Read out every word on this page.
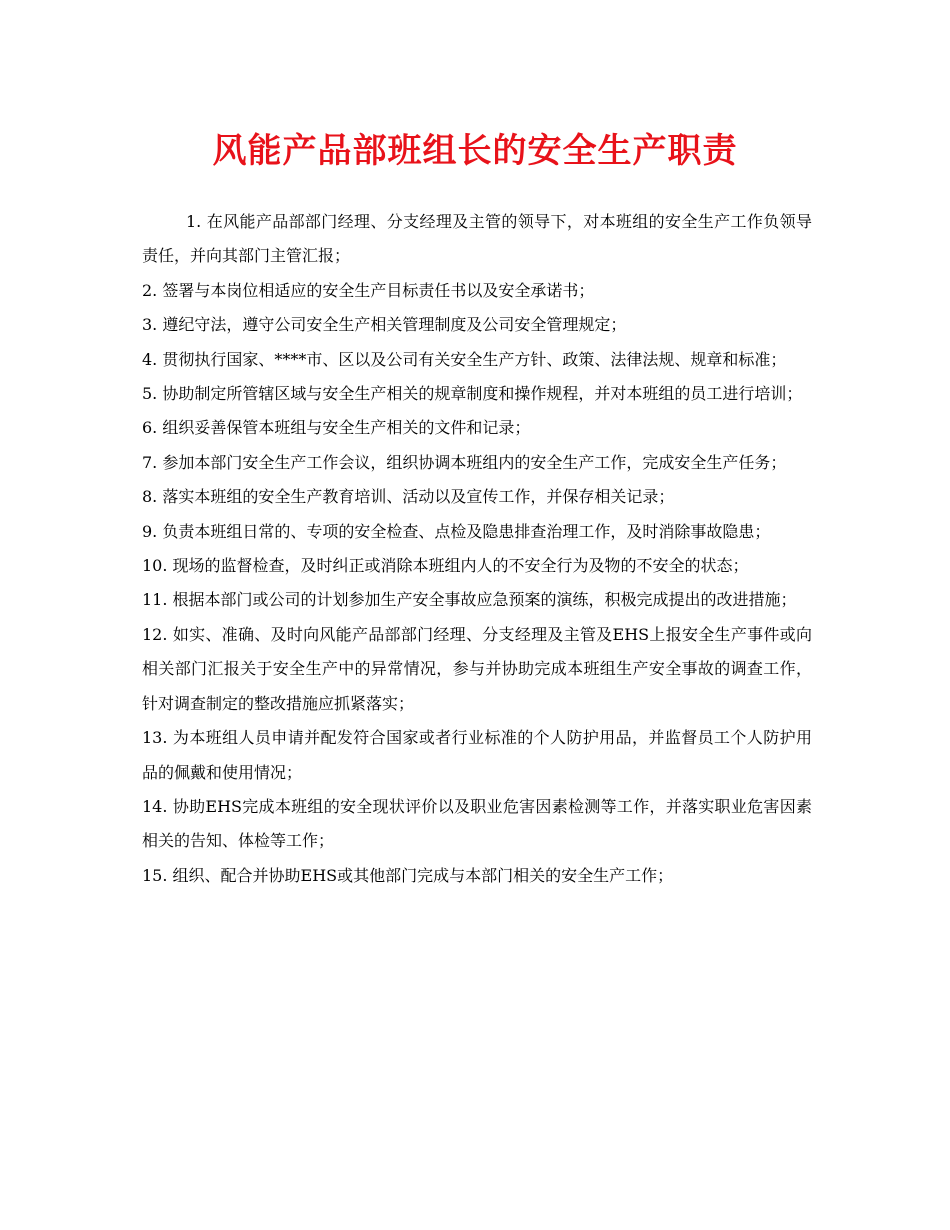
风能产品部班组长的安全生产职责

1. 在风能产品部部门经理、分支经理及主管的领导下，对本班组的安全生产工作负领导责任，并向其部门主管汇报；

2. 签署与本岗位相适应的安全生产目标责任书以及安全承诺书；

3. 遵纪守法，遵守公司安全生产相关管理制度及公司安全管理规定；

4. 贯彻执行国家、****市、区以及公司有关安全生产方针、政策、法律法规、规章和标准；

5. 协助制定所管辖区域与安全生产相关的规章制度和操作规程，并对本班组的员工进行培训；

6. 组织妥善保管本班组与安全生产相关的文件和记录；

7. 参加本部门安全生产工作会议，组织协调本班组内的安全生产工作，完成安全生产任务；

8. 落实本班组的安全生产教育培训、活动以及宣传工作，并保存相关记录；

9. 负责本班组日常的、专项的安全检查、点检及隐患排查治理工作，及时消除事故隐患；

10. 现场的监督检查，及时纠正或消除本班组内人的不安全行为及物的不安全的状态；

11. 根据本部门或公司的计划参加生产安全事故应急预案的演练，积极完成提出的改进措施；

12. 如实、准确、及时向风能产品部部门经理、分支经理及主管及EHS上报安全生产事件或向相关部门汇报关于安全生产中的异常情况，参与并协助完成本班组生产安全事故的调查工作，针对调查制定的整改措施应抓紧落实；

13. 为本班组人员申请并配发符合国家或者行业标准的个人防护用品，并监督员工个人防护用品的佩戴和使用情况；

14. 协助EHS完成本班组的安全现状评价以及职业危害因素检测等工作，并落实职业危害因素相关的告知、体检等工作；

15. 组织、配合并协助EHS或其他部门完成与本部门相关的安全生产工作；
